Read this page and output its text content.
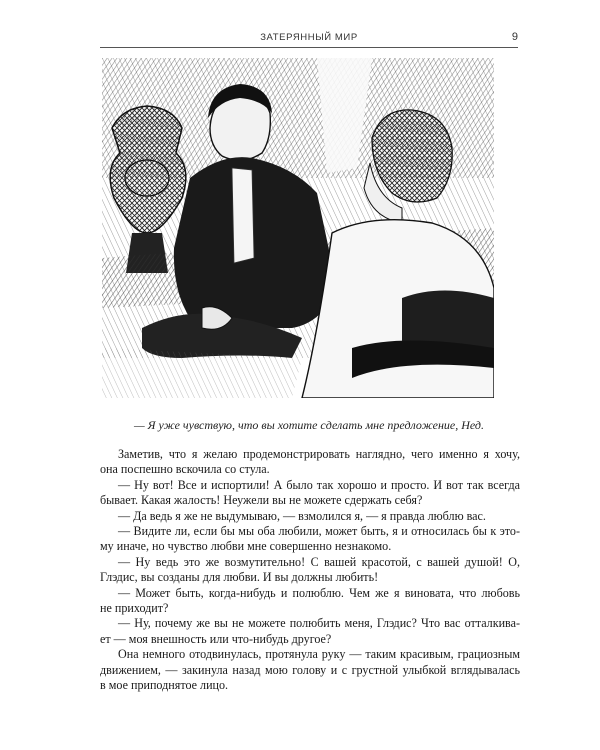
ЗАТЕРЯННЫЙ МИР	9
— Я уже чувствую, что вы хотите сделать мне предложение, Нед.
Заметив, что я желаю продемонстрировать наглядно, чего именно я хочу,
она поспешно вскочила со стула.
— Ну вот! Все и испортили! А было так хорошо и просто. И вот так всегда
бывает. Какая жалость! Неужели вы не можете сдержать себя?
— Да ведь я же не выдумываю, — взмолился я, — я правда люблю вас.
— Видите ли, если бы мы оба любили, может быть, я и относилась бы к это-
му иначе, но чувство любви мне совершенно незнакомо.
— Ну ведь это же возмутительно! С вашей красотой, с вашей душой! О,
Глэдис, вы созданы для любви. И вы должны любить!
— Может быть, когда-нибудь и полюблю. Чем же я виновата, что любовь
не приходит?
— Ну, почему же вы не можете полюбить меня, Глэдис? Что вас отталкива-
ет — моя внешность или что-нибудь другое?
Она немного отодвинулась, протянула руку — таким красивым, грациозным
движением, — закинула назад мою голову и с грустной улыбкой вглядывалась
в мое приподнятое лицо.
